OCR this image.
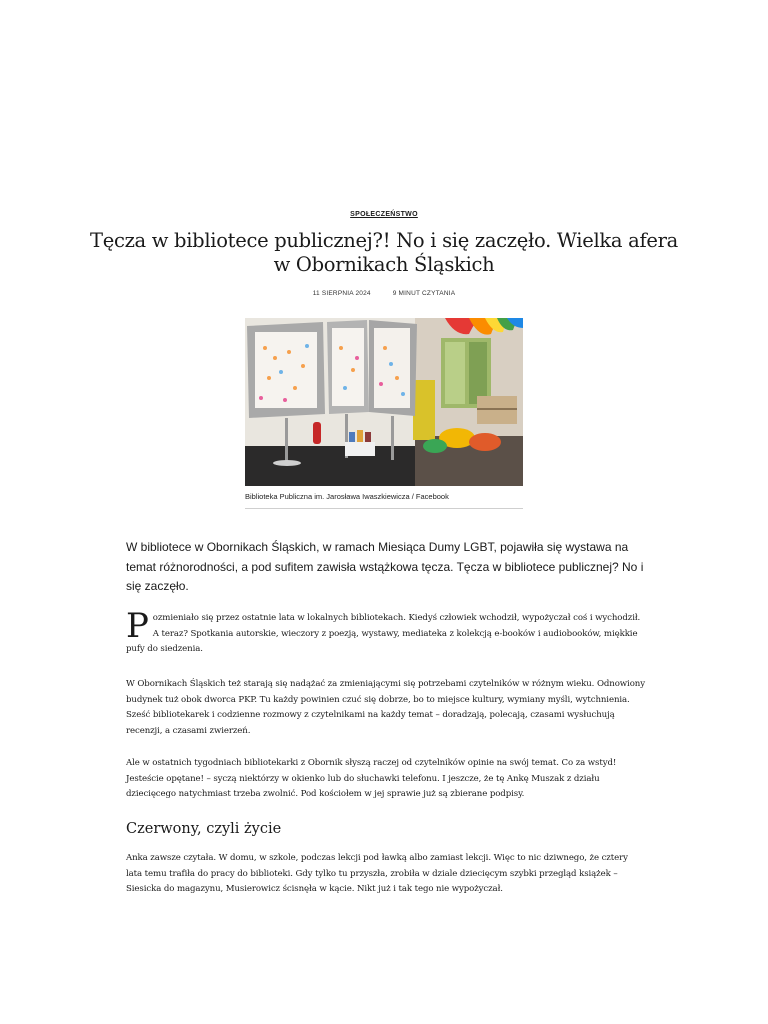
SPOŁECZEŃSTWO
Tęcza w bibliotece publicznej?! No i się zaczęło. Wielka afera w Obornikach Śląskich
11 SIERPNIA 2024	9 MINUT CZYTANIA
Biblioteka Publiczna im. Jarosława Iwaszkiewicza / Facebook

W bibliotece w Obornikach Śląskich, w ramach Miesiąca Dumy LGBT, pojawiła się wystawa na temat różnorodności, a pod sufitem zawisła wstążkowa tęcza. Tęcza w bibliotece publicznej? No i się zaczęło.

Pozmieniało się przez ostatnie lata w lokalnych bibliotekach. Kiedyś człowiek wchodził, wypożyczał coś i wychodził. A teraz? Spotkania autorskie, wieczory z poezją, wystawy, mediateka z kolekcją e-booków i audiobooków, miękkie pufy do siedzenia.

W Obornikach Śląskich też starają się nadążać za zmieniającymi się potrzebami czytelników w różnym wieku. Odnowiony budynek tuż obok dworca PKP. Tu każdy powinien czuć się dobrze, bo to miejsce kultury, wymiany myśli, wytchnienia. Sześć bibliotekarek i codzienne rozmowy z czytelnikami na każdy temat – doradzają, polecają, czasami wysłuchują recenzji, a czasami zwierzeń.

Ale w ostatnich tygodniach bibliotekarki z Obornik słyszą raczej od czytelników opinie na swój temat. Co za wstyd! Jesteście opętane! – syczą niektórzy w okienko lub do słuchawki telefonu. I jeszcze, że tę Ankę Muszak z działu dziecięcego natychmiast trzeba zwolnić. Pod kościołem w jej sprawie już są zbierane podpisy.

Czerwony, czyli życie

Anka zawsze czytała. W domu, w szkole, podczas lekcji pod ławką albo zamiast lekcji. Więc to nic dziwnego, że cztery lata temu trafiła do pracy do biblioteki. Gdy tylko tu przyszła, zrobiła w dziale dziecięcym szybki przegląd książek – Siesicka do magazynu, Musierowicz ścisnęła w kącie. Nikt już i tak tego nie wypożyczał.
